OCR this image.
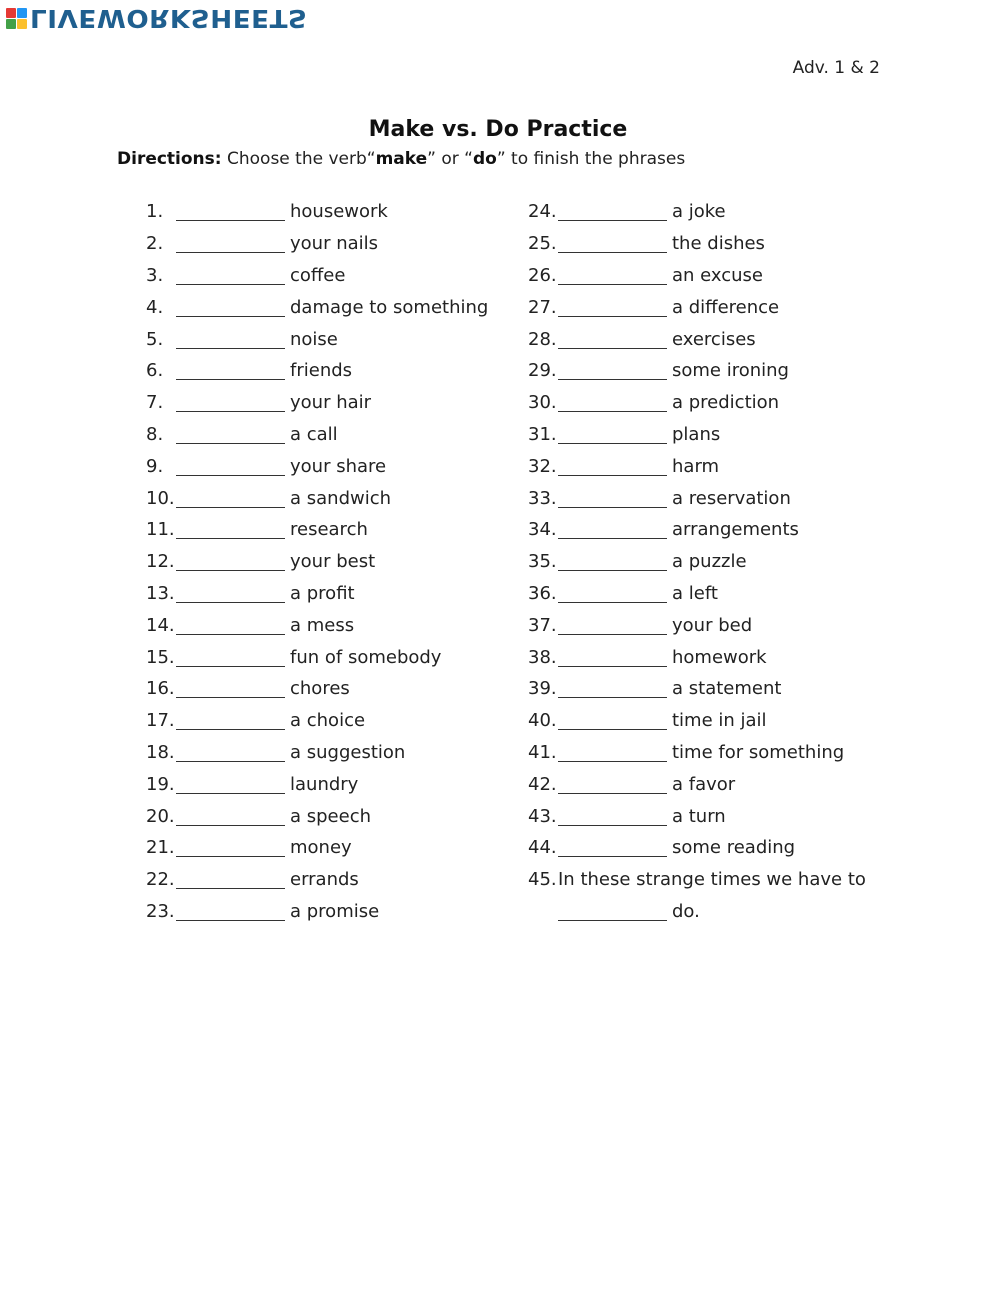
LIVEWORKSHEETS
Adv. 1 & 2
Make vs. Do Practice
Directions: Choose the verb“make” or “do” to finish the phrases
1.	housework
2.	your nails
3.	coffee
4.	damage to something
5.	noise
6.	friends
7.	your hair
8.	a call
9.	your share
10.	a sandwich
11.	research
12.	your best
13.	a profit
14.	a mess
15.	fun of somebody
16.	chores
17.	a choice
18.	a suggestion
19.	laundry
20.	a speech
21.	money
22.	errands
23.	a promise
24.	a joke
25.	the dishes
26.	an excuse
27.	a difference
28.	exercises
29.	some ironing
30.	a prediction
31.	plans
32.	harm
33.	a reservation
34.	arrangements
35.	a puzzle
36.	a left
37.	your bed
38.	homework
39.	a statement
40.	time in jail
41.	time for something
42.	a favor
43.	a turn
44.	some reading
45. In these strange times we have to
do.
